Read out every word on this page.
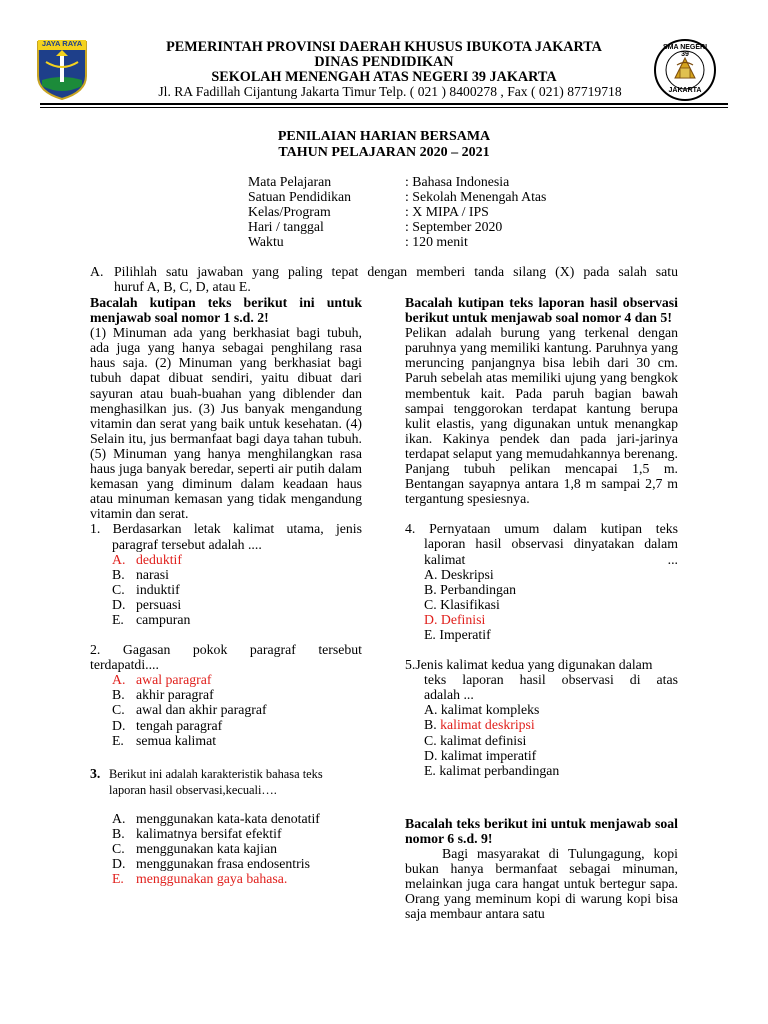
JAYA RAYA	SMA NEGERI 39
JAKARTA
PEMERINTAH PROVINSI DAERAH KHUSUS IBUKOTA JAKARTA
DINAS PENDIDIKAN
SEKOLAH MENENGAH ATAS NEGERI 39 JAKARTA
Jl. RA Fadillah Cijantung Jakarta Timur Telp. ( 021 ) 8400278 , Fax ( 021) 87719718
PENILAIAN HARIAN BERSAMA
TAHUN PELAJARAN 2020 – 2021
Mata Pelajaran
Satuan Pendidikan
Kelas/Program
Hari / tanggal
Waktu
: Bahasa Indonesia
: Sekolah Menengah Atas
: X MIPA / IPS
: September 2020
: 120 menit
A. Pilihlah satu jawaban yang paling tepat dengan memberi tanda silang (X) pada salah satu
huruf A, B, C, D, atau E.

Bacalah kutipan teks berikut ini untuk menjawab soal nomor 1 s.d. 2!

(1) Minuman ada yang berkhasiat bagi tubuh, ada juga yang hanya sebagai penghilang rasa haus saja. (2) Minuman yang berkhasiat bagi tubuh dapat dibuat sendiri, yaitu dibuat dari sayuran atau buah-buahan yang diblender dan menghasilkan jus. (3) Jus banyak mengandung vitamin dan serat yang baik untuk kesehatan. (4) Selain itu, jus bermanfaat bagi daya tahan tubuh. (5) Minuman yang hanya menghilangkan rasa haus juga banyak beredar, seperti air putih dalam kemasan yang diminum dalam keadaan haus atau minuman kemasan yang tidak mengandung vitamin dan serat.

1. Berdasarkan letak kalimat utama, jenis

paragraf tersebut adalah ....

A. deduktif
B. narasi
C. induktif
D. persuasi
E. campuran

2. Gagasan pokok paragraf tersebut

terdapatdi....

A. awal paragraf
B. akhir paragraf
C. awal dan akhir paragraf
D. tengah paragraf
E. semua kalimat
3. Berikut ini adalah karakteristik bahasa teks

laporan hasil observasi,kecuali….

A. menggunakan kata-kata denotatif
B. kalimatnya bersifat efektif
C. menggunakan kata kajian
D. menggunakan frasa endosentris
E. menggunakan gaya bahasa.

Bacalah kutipan teks laporan hasil observasi berikut untuk menjawab soal nomor 4 dan 5!

Pelikan adalah burung yang terkenal dengan paruhnya yang memiliki kantung. Paruhnya yang meruncing panjangnya bisa lebih dari 30 cm. Paruh sebelah atas memiliki ujung yang bengkok membentuk kait. Pada paruh bagian bawah sampai tenggorokan terdapat kantung berupa kulit elastis, yang digunakan untuk menangkap ikan. Kakinya pendek dan pada jari-jarinya terdapat selaput yang memudahkannya berenang. Panjang tubuh pelikan mencapai 1,5 m. Bentangan sayapnya antara 1,8 m sampai 2,7 m tergantung spesiesnya.

4. Pernyataan umum dalam kutipan teks

laporan hasil observasi dinyatakan dalam

kalimat	...
A. Deskripsi
B. Perbandingan
C. Klasifikasi
D. Definisi
E. Imperatif

5.Jenis kalimat kedua yang digunakan dalam

teks laporan hasil observasi di atas

adalah ...

A. kalimat kompleks
B. kalimat deskripsi
C. kalimat definisi
D. kalimat imperatif
E. kalimat perbandingan

Bacalah teks berikut ini untuk menjawab soal nomor 6 s.d. 9!

Bagi masyarakat di Tulungagung, kopi bukan hanya bermanfaat sebagai minuman, melainkan juga cara hangat untuk bertegur sapa. Orang yang meminum kopi di warung kopi bisa saja membaur antara satu
